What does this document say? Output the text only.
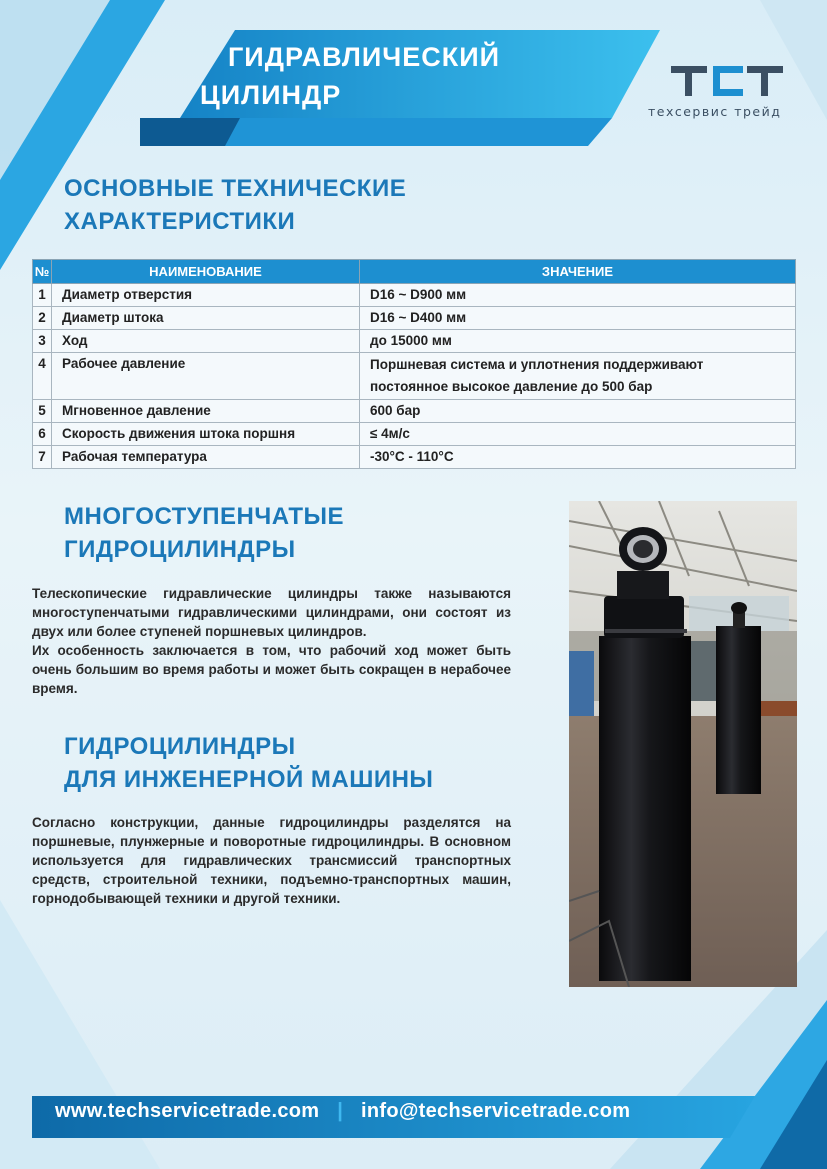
ГИДРАВЛИЧЕСКИЙ
ЦИЛИНДР
техсервис трейд
ОСНОВНЫЕ ТЕХНИЧЕСКИЕ
ХАРАКТЕРИСТИКИ
№	НАИМЕНОВАНИЕ	ЗНАЧЕНИЕ
1	Диаметр отверстия	D16 ~ D900 мм
2	Диаметр штока	D16 ~ D400 мм
3	Ход	до 15000 мм
4	Рабочее давление	Поршневая система и уплотнения поддерживают постоянное высокое давление до 500 бар
5	Мгновенное давление	600 бар
6	Скорость движения штока поршня	≤ 4м/с
7	Рабочая температура	-30°C - 110°C
МНОГОСТУПЕНЧАТЫЕ
ГИДРОЦИЛИНДРЫ

Телескопические гидравлические цилиндры также называются многоступенчатыми гидравлическими цилиндрами, они состоят из двух или более ступеней поршневых цилиндров.

Их особенность заключается в том, что рабочий ход может быть очень большим во время работы и может быть сокращен в нерабочее время.

ГИДРОЦИЛИНДРЫ
ДЛЯ ИНЖЕНЕРНОЙ МАШИНЫ

Согласно конструкции, данные гидроцилиндры разделятся на поршневые, плунжерные и поворотные гидроцилиндры. В основном используется для гидравлических трансмиссий транспортных средств, строительной техники, подъемно-транспортных машин, горнодобывающей техники и другой техники.

www.techservicetrade.com | info@techservicetrade.com
